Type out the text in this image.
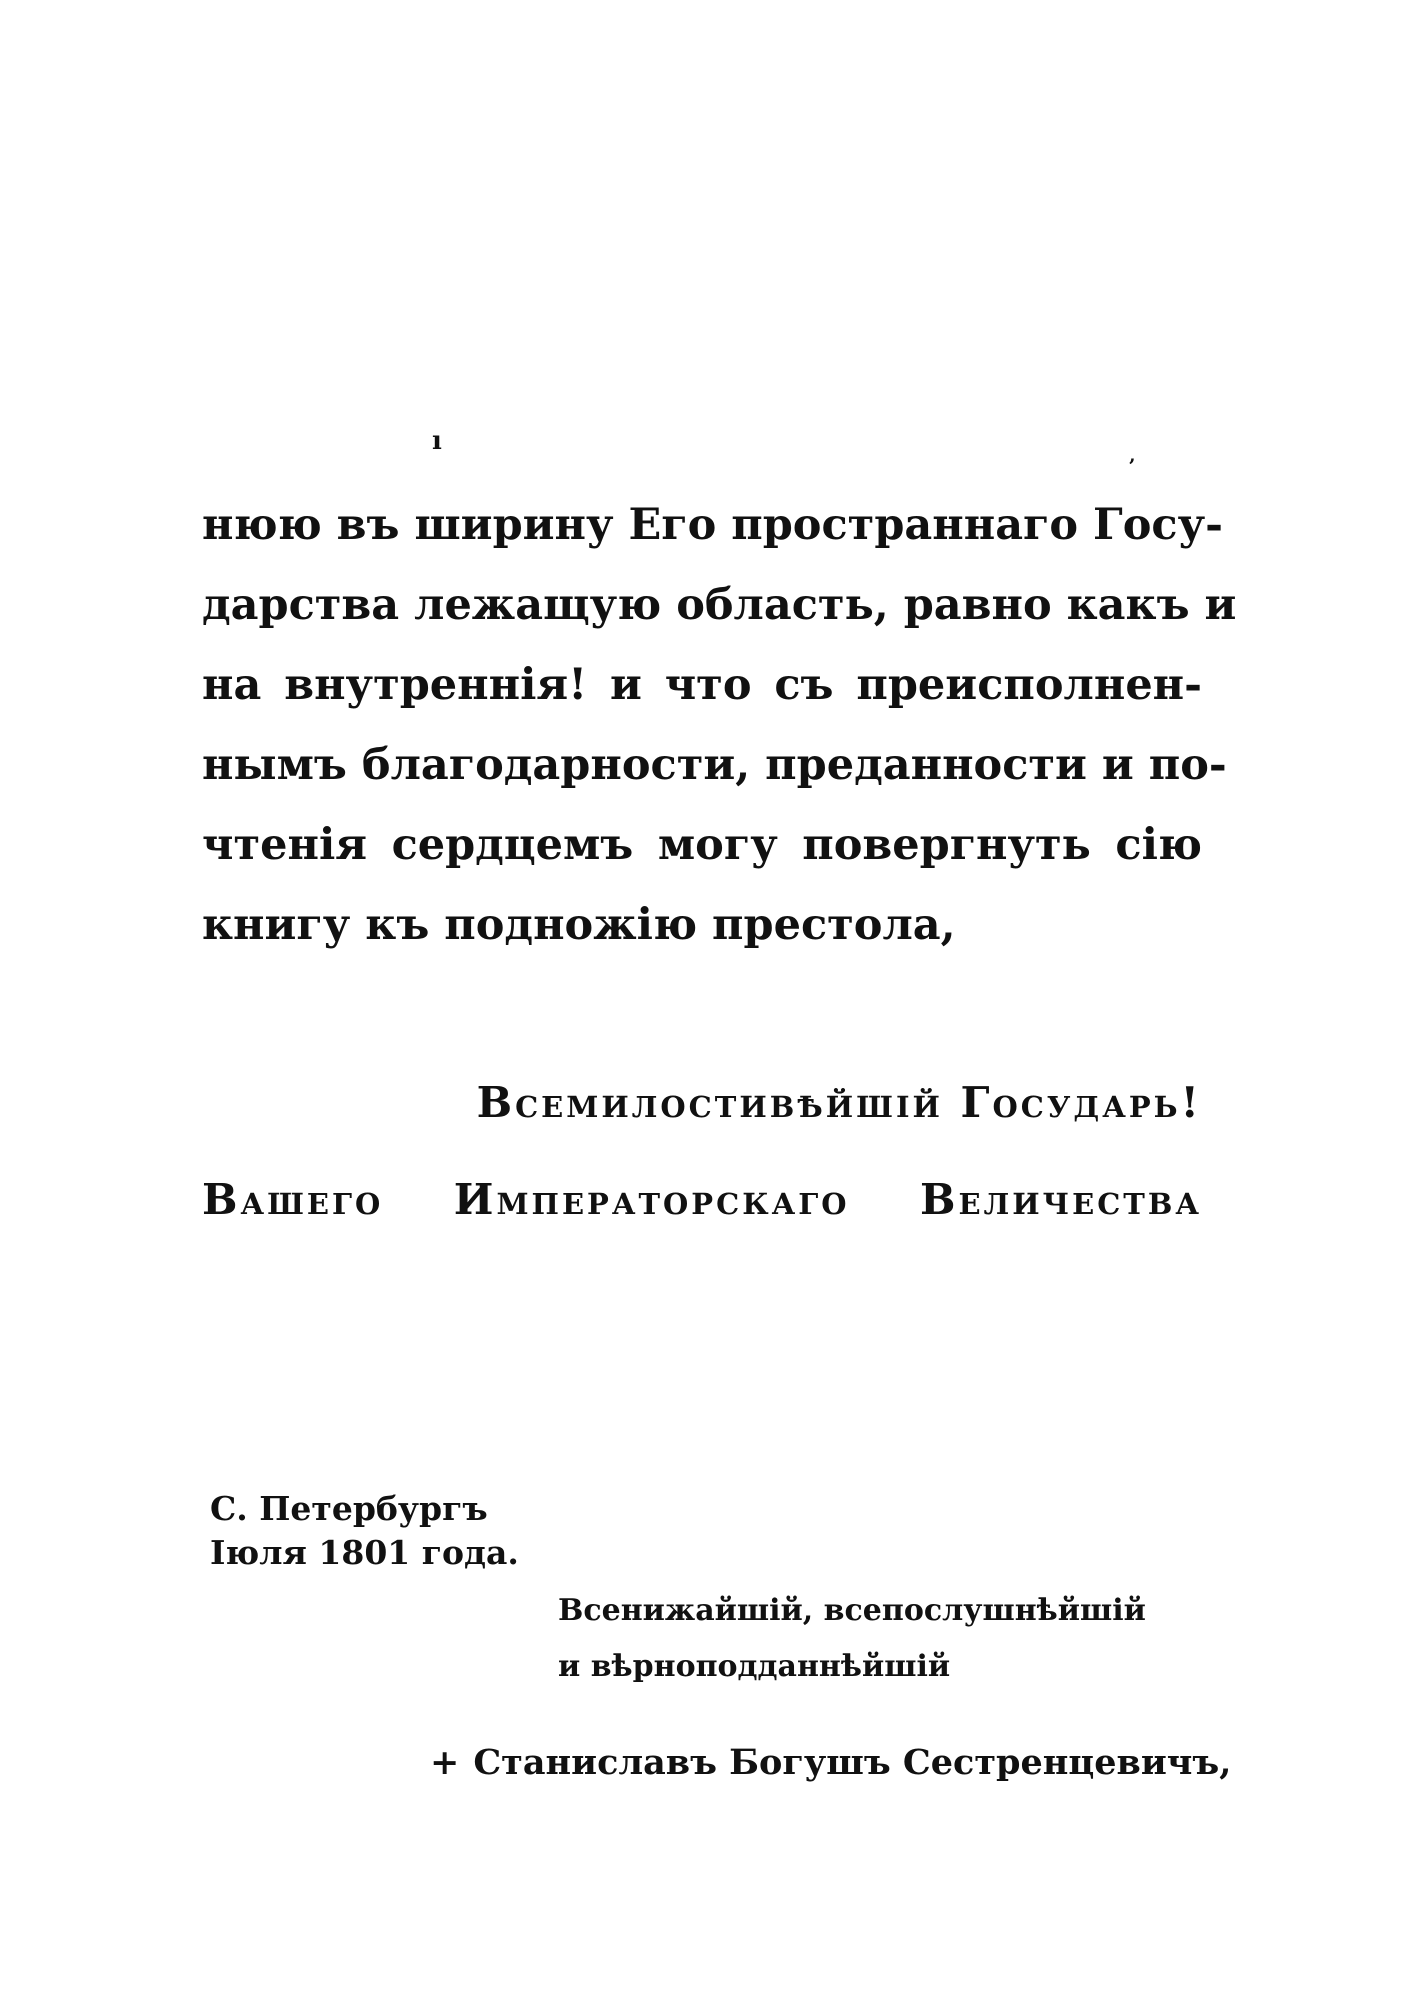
ı
ʼ
нюю въ ширину Его пространнаго Госу-
дарства лежащую область, равно какъ и
на внутреннія! и что съ преисполнен-
нымъ благодарности, преданности и по-
чтенія сердцемъ могу повергнуть сію
книгу къ подножію престола,
Всемилостивѣйшій Государь!
Вашего Императорскаго Величества
С. Петербургъ
Іюля 1801 года.
Всенижайшій, всепослушнѣйшій
и вѣрноподданнѣйшій
+ Станиславъ Богушъ Сестренцевичъ,
